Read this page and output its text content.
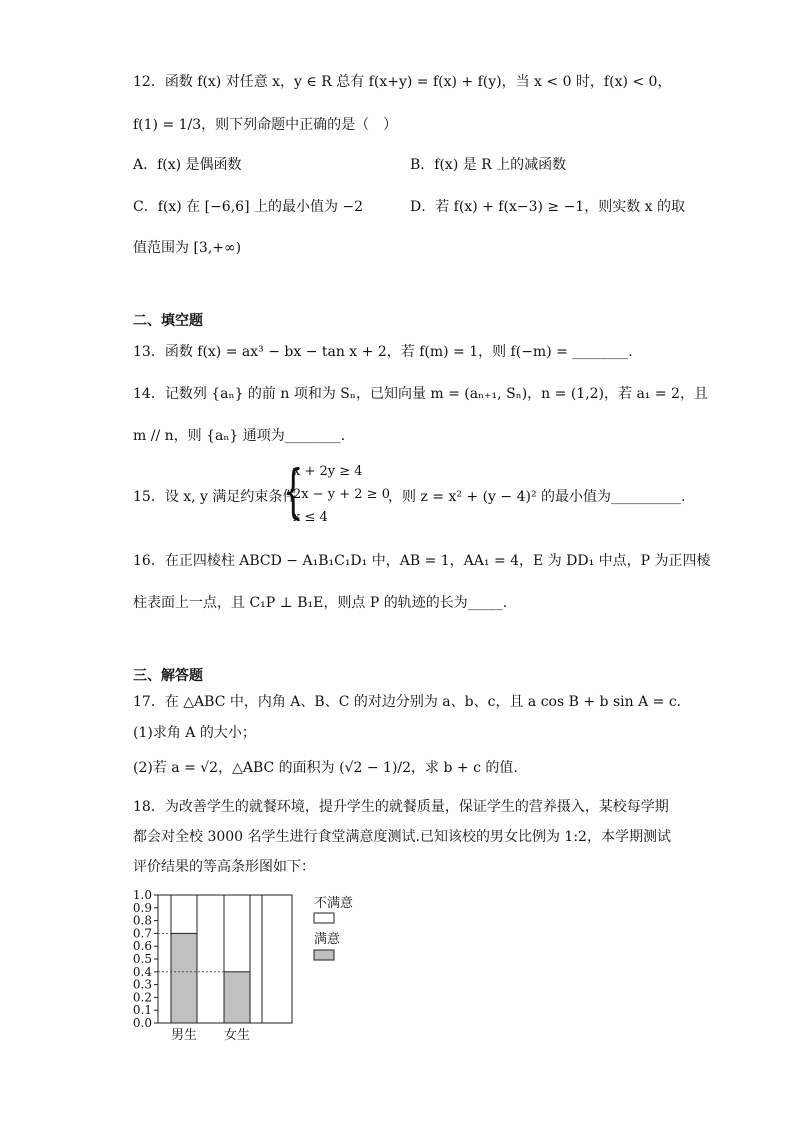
12．函数 f(x) 对任意 x，y ∈ R 总有 f(x+y) = f(x) + f(y)，当 x < 0 时，f(x) < 0，
f(1) = 1/3，则下列命题中正确的是（　）
A．f(x) 是偶函数	B．f(x) 是 R 上的减函数
C．f(x) 在 [−6,6] 上的最小值为 −2	D．若 f(x) + f(x−3) ≥ −1，则实数 x 的取
值范围为 [3,+∞)
二、填空题
13．函数 f(x) = ax³ − bx − tan x + 2，若 f(m) = 1，则 f(−m) = ________.
14．记数列 {aₙ} 的前 n 项和为 Sₙ，已知向量 m = (aₙ₊₁, Sₙ)，n = (1,2)，若 a₁ = 2，且
m // n，则 {aₙ} 通项为________.
15．设 x, y 满足约束条件
{
x + 2y ≥ 4
2x − y + 2 ≥ 0
x ≤ 4
，则 z = x² + (y − 4)² 的最小值为__________.
16．在正四棱柱 ABCD − A₁B₁C₁D₁ 中，AB = 1，AA₁ = 4，E 为 DD₁ 中点，P 为正四棱
柱表面上一点，且 C₁P ⊥ B₁E，则点 P 的轨迹的长为_____.
三、解答题
17．在 △ABC 中，内角 A、B、C 的对边分别为 a、b、c，且 a cos B + b sin A = c．
(1)求角 A 的大小；
(2)若 a = √2，△ABC 的面积为 (√2 − 1)/2，求 b + c 的值.
18．为改善学生的就餐环境，提升学生的就餐质量，保证学生的营养摄入，某校每学期
都会对全校 3000 名学生进行食堂满意度测试.已知该校的男女比例为 1:2，本学期测试
评价结果的等高条形图如下：
0.0
0.1
0.2
0.3
0.4
0.5
0.6
0.7
0.8
0.9
1.0
男生 女生
不满意
满意
